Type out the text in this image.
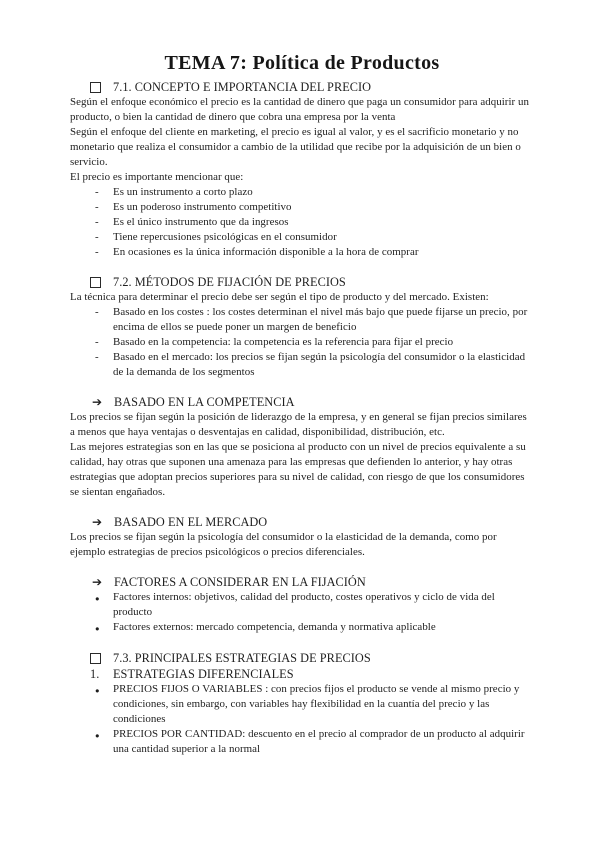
TEMA 7: Política de Productos
7.1. CONCEPTO E IMPORTANCIA DEL PRECIO

Según el enfoque económico el precio es la cantidad de dinero que paga un consumidor para adquirir un producto, o bien la cantidad de dinero que cobra una empresa por la venta

Según el enfoque del cliente en marketing, el precio es igual al valor, y es el sacrificio monetario y no monetario que realiza el consumidor a cambio de la utilidad que recibe por la adquisición de un bien o servicio.

El precio es importante mencionar que:

-	Es un instrumento a corto plazo
-	Es un poderoso instrumento competitivo
-	Es el único instrumento que da ingresos
-	Tiene repercusiones psicológicas en el consumidor
-	En ocasiones es la única información disponible a la hora de comprar
7.2. MÉTODOS DE FIJACIÓN DE PRECIOS

La técnica para determinar el precio debe ser según el tipo de producto y del mercado. Existen:

-	Basado en los costes : los costes determinan el nivel más bajo que puede fijarse un precio, por encima de ellos se puede poner un margen de beneficio
-	Basado en la competencia: la competencia es la referencia para fijar el precio
-	Basado en el mercado: los precios se fijan según la psicología del consumidor o la elasticidad de la demanda de los segmentos
➔ BASADO EN LA COMPETENCIA

Los precios se fijan según la posición de liderazgo de la empresa, y en general se fijan precios similares a menos que haya ventajas o desventajas en calidad, disponibilidad, distribución, etc.

Las mejores estrategias son en las que se posiciona al producto con un nivel de precios equivalente a su calidad, hay otras que suponen una amenaza para las empresas que defienden lo anterior, y hay otras estrategias que adoptan precios superiores para su nivel de calidad, con riesgo de que los consumidores se sientan engañados.

➔ BASADO EN EL MERCADO

Los precios se fijan según la psicología del consumidor o la elasticidad de la demanda, como por ejemplo estrategias de precios psicológicos o precios diferenciales.

➔ FACTORES A CONSIDERAR EN LA FIJACIÓN
●	Factores internos: objetivos, calidad del producto, costes operativos y ciclo de vida del producto
●	Factores externos: mercado competencia, demanda y normativa aplicable
7.3. PRINCIPALES ESTRATEGIAS DE PRECIOS
1.	ESTRATEGIAS DIFERENCIALES
●	PRECIOS FIJOS O VARIABLES : con precios fijos el producto se vende al mismo precio y condiciones, sin embargo, con variables hay flexibilidad en la cuantía del precio y las condiciones
●	PRECIOS POR CANTIDAD: descuento en el precio al comprador de un producto al adquirir una cantidad superior a la normal
